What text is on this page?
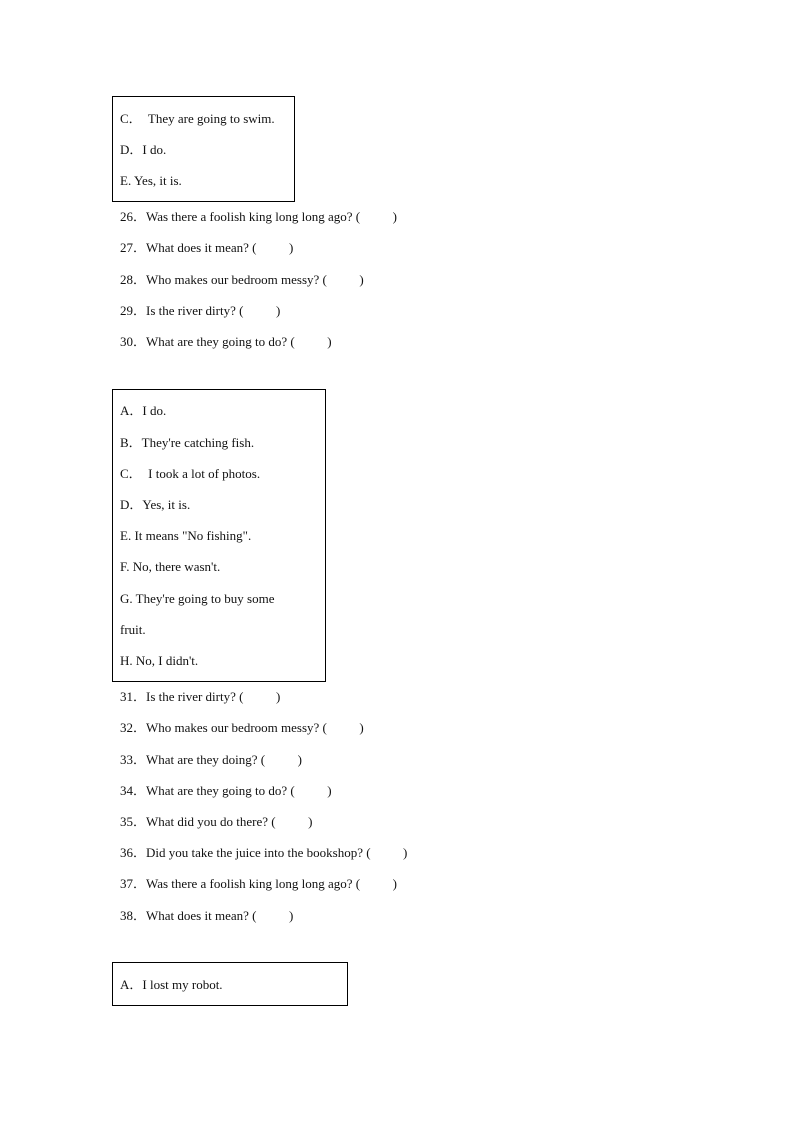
C．  They are going to swim.
D．I do.
E. Yes, it is.
26．Was there a foolish king long long ago? (          )
27．What does it mean? (          )
28．Who makes our bedroom messy? (          )
29．Is the river dirty? (          )
30．What are they going to do? (          )
A．I do.
B．They're catching fish.
C．  I took a lot of photos.
D．Yes, it is.
E. It means "No fishing".
F. No, there wasn't.
G. They're going to buy some
fruit.
H. No, I didn't.
31．Is the river dirty? (          )
32．Who makes our bedroom messy? (          )
33．What are they doing? (          )
34．What are they going to do? (          )
35．What did you do there? (          )
36．Did you take the juice into the bookshop? (          )
37．Was there a foolish king long long ago? (          )
38．What does it mean? (          )
A．I lost my robot.
